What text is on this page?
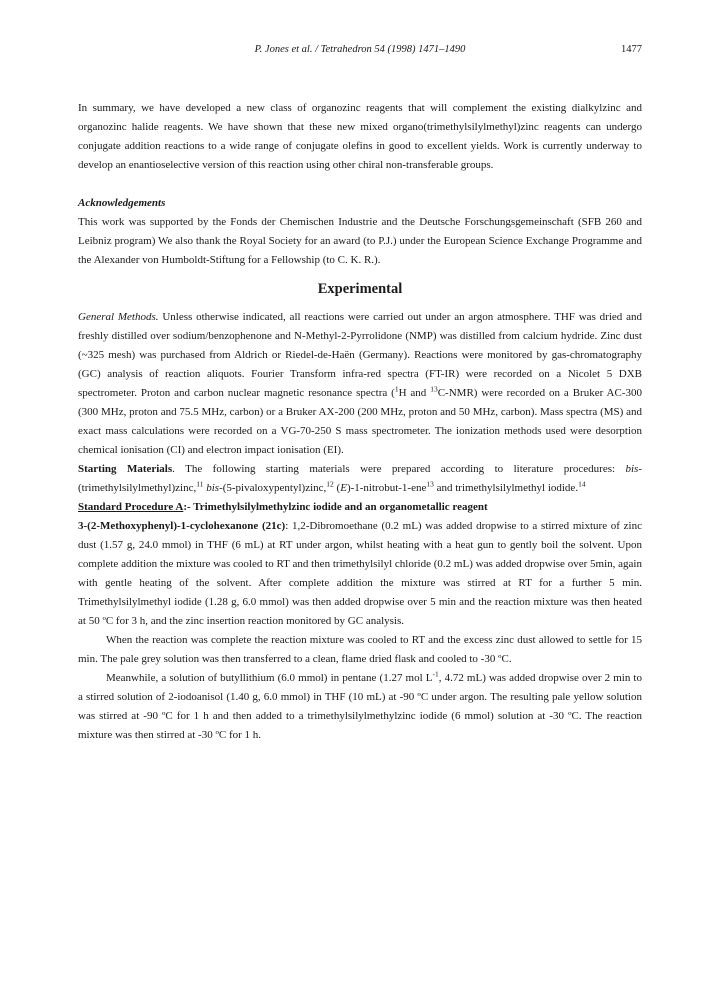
P. Jones et al. / Tetrahedron 54 (1998) 1471–1490	1477

In summary, we have developed a new class of organozinc reagents that will complement the existing dialkylzinc and organozinc halide reagents. We have shown that these new mixed organo(trimethylsilylmethyl)zinc reagents can undergo conjugate addition reactions to a wide range of conjugate olefins in good to excellent yields. Work is currently underway to develop an enantioselective version of this reaction using other chiral non-transferable groups.

Acknowledgements

This work was supported by the Fonds der Chemischen Industrie and the Deutsche Forschungsgemeinschaft (SFB 260 and Leibniz program) We also thank the Royal Society for an award (to P.J.) under the European Science Exchange Programme and the Alexander von Humboldt-Stiftung for a Fellowship (to C. K. R.).

Experimental

General Methods. Unless otherwise indicated, all reactions were carried out under an argon atmosphere. THF was dried and freshly distilled over sodium/benzophenone and N-Methyl-2-Pyrrolidone (NMP) was distilled from calcium hydride. Zinc dust (~325 mesh) was purchased from Aldrich or Riedel-de-Haën (Germany). Reactions were monitored by gas-chromatography (GC) analysis of reaction aliquots. Fourier Transform infra-red spectra (FT-IR) were recorded on a Nicolet 5 DXB spectrometer. Proton and carbon nuclear magnetic resonance spectra ($^1$H and $^{13}$C-NMR) were recorded on a Bruker AC-300 (300 MHz, proton and 75.5 MHz, carbon) or a Bruker AX-200 (200 MHz, proton and 50 MHz, carbon). Mass spectra (MS) and exact mass calculations were recorded on a VG-70-250 S mass spectrometer. The ionization methods used were desorption chemical ionisation (CI) and electron impact ionisation (EI).

Starting Materials. The following starting materials were prepared according to literature procedures: bis-(trimethylsilylmethyl)zinc,$^{11}$ bis-(5-pivaloxypentyl)zinc,$^{12}$ (E)-1-nitrobut-1-ene$^{13}$ and trimethylsilylmethyl iodide.$^{14}$

Standard Procedure A:- Trimethylsilylmethylzinc iodide and an organometallic reagent

3-(2-Methoxyphenyl)-1-cyclohexanone (21c): 1,2-Dibromoethane (0.2 mL) was added dropwise to a stirred mixture of zinc dust (1.57 g, 24.0 mmol) in THF (6 mL) at RT under argon, whilst heating with a heat gun to gently boil the solvent. Upon complete addition the mixture was cooled to RT and then trimethylsilyl chloride (0.2 mL) was added dropwise over 5min, again with gentle heating of the solvent. After complete addition the mixture was stirred at RT for a further 5 min. Trimethylsilylmethyl iodide (1.28 g, 6.0 mmol) was then added dropwise over 5 min and the reaction mixture was then heated at 50 ºC for 3 h, and the zinc insertion reaction monitored by GC analysis.

When the reaction was complete the reaction mixture was cooled to RT and the excess zinc dust allowed to settle for 15 min. The pale grey solution was then transferred to a clean, flame dried flask and cooled to -30 ºC.

Meanwhile, a solution of butyllithium (6.0 mmol) in pentane (1.27 mol $L^{-1}$, 4.72 mL) was added dropwise over 2 min to a stirred solution of 2-iodoanisol (1.40 g, 6.0 mmol) in THF (10 mL) at -90 ºC under argon. The resulting pale yellow solution was stirred at -90 ºC for 1 h and then added to a trimethylsilylmethylzinc iodide (6 mmol) solution at -30 ºC. The reaction mixture was then stirred at -30 ºC for 1 h.
